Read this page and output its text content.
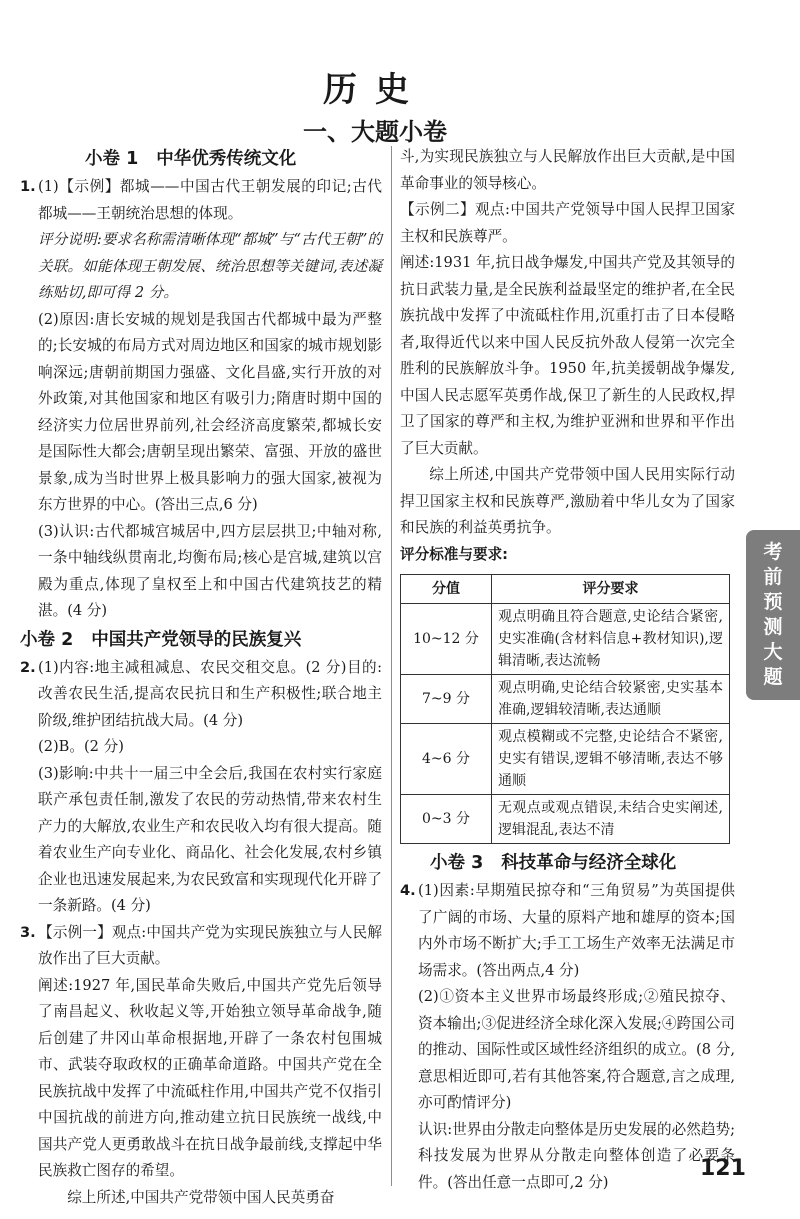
历史
一、大题小卷
小卷 1 中华优秀传统文化

1. (1)【示例】都城——中国古代王朝发展的印记;古代都城——王朝统治思想的体现。

评分说明:要求名称需清晰体现“都城”与“古代王朝”的关联。如能体现王朝发展、统治思想等关键词,表述凝练贴切,即可得 2 分。

(2)原因:唐长安城的规划是我国古代都城中最为严整的;长安城的布局方式对周边地区和国家的城市规划影响深远;唐朝前期国力强盛、文化昌盛,实行开放的对外政策,对其他国家和地区有吸引力;隋唐时期中国的经济实力位居世界前列,社会经济高度繁荣,都城长安是国际性大都会;唐朝呈现出繁荣、富强、开放的盛世景象,成为当时世界上极具影响力的强大国家,被视为东方世界的中心。(答出三点,6 分)

(3)认识:古代都城宫城居中,四方层层拱卫;中轴对称,一条中轴线纵贯南北,均衡布局;核心是宫城,建筑以宫殿为重点,体现了皇权至上和中国古代建筑技艺的精湛。(4 分)

小卷 2 中国共产党领导的民族复兴

2. (1)内容:地主减租减息、农民交租交息。(2 分)目的:改善农民生活,提高农民抗日和生产积极性;联合地主阶级,维护团结抗战大局。(4 分)

(2)B。(2 分)

(3)影响:中共十一届三中全会后,我国在农村实行家庭联产承包责任制,激发了农民的劳动热情,带来农村生产力的大解放,农业生产和农民收入均有很大提高。随着农业生产向专业化、商品化、社会化发展,农村乡镇企业也迅速发展起来,为农民致富和实现现代化开辟了一条新路。(4 分)

3. 【示例一】观点:中国共产党为实现民族独立与人民解放作出了巨大贡献。

阐述:1927 年,国民革命失败后,中国共产党先后领导了南昌起义、秋收起义等,开始独立领导革命战争,随后创建了井冈山革命根据地,开辟了一条农村包围城市、武装夺取政权的正确革命道路。中国共产党在全民族抗战中发挥了中流砥柱作用,中国共产党不仅指引中国抗战的前进方向,推动建立抗日民族统一战线,中国共产党人更勇敢战斗在抗日战争最前线,支撑起中华民族救亡图存的希望。

综上所述,中国共产党带领中国人民英勇奋

斗,为实现民族独立与人民解放作出巨大贡献,是中国革命事业的领导核心。

【示例二】观点:中国共产党领导中国人民捍卫国家主权和民族尊严。

阐述:1931 年,抗日战争爆发,中国共产党及其领导的抗日武装力量,是全民族利益最坚定的维护者,在全民族抗战中发挥了中流砥柱作用,沉重打击了日本侵略者,取得近代以来中国人民反抗外敌人侵第一次完全胜利的民族解放斗争。1950 年,抗美援朝战争爆发,中国人民志愿军英勇作战,保卫了新生的人民政权,捍卫了国家的尊严和主权,为维护亚洲和世界和平作出了巨大贡献。

综上所述,中国共产党带领中国人民用实际行动捍卫国家主权和民族尊严,激励着中华儿女为了国家和民族的利益英勇抗争。

评分标准与要求:

分值	评分要求
10~12 分	观点明确且符合题意,史论结合紧密,史实准确(含材料信息+教材知识),逻辑清晰,表达流畅
7~9 分	观点明确,史论结合较紧密,史实基本准确,逻辑较清晰,表达通顺
4~6 分	观点模糊或不完整,史论结合不紧密,史实有错误,逻辑不够清晰,表达不够通顺
0~3 分	无观点或观点错误,未结合史实阐述,逻辑混乱,表达不清
小卷 3 科技革命与经济全球化

4. (1)因素:早期殖民掠夺和“三角贸易”为英国提供了广阔的市场、大量的原料产地和雄厚的资本;国内外市场不断扩大;手工工场生产效率无法满足市场需求。(答出两点,4 分)

(2)①资本主义世界市场最终形成;②殖民掠夺、资本输出;③促进经济全球化深入发展;④跨国公司的推动、国际性或区域性经济组织的成立。(8 分,意思相近即可,若有其他答案,符合题意,言之成理,亦可酌情评分)

认识:世界由分散走向整体是历史发展的必然趋势;科技发展为世界从分散走向整体创造了必要条件。(答出任意一点即可,2 分)

考
前
预
测
大
题
121
